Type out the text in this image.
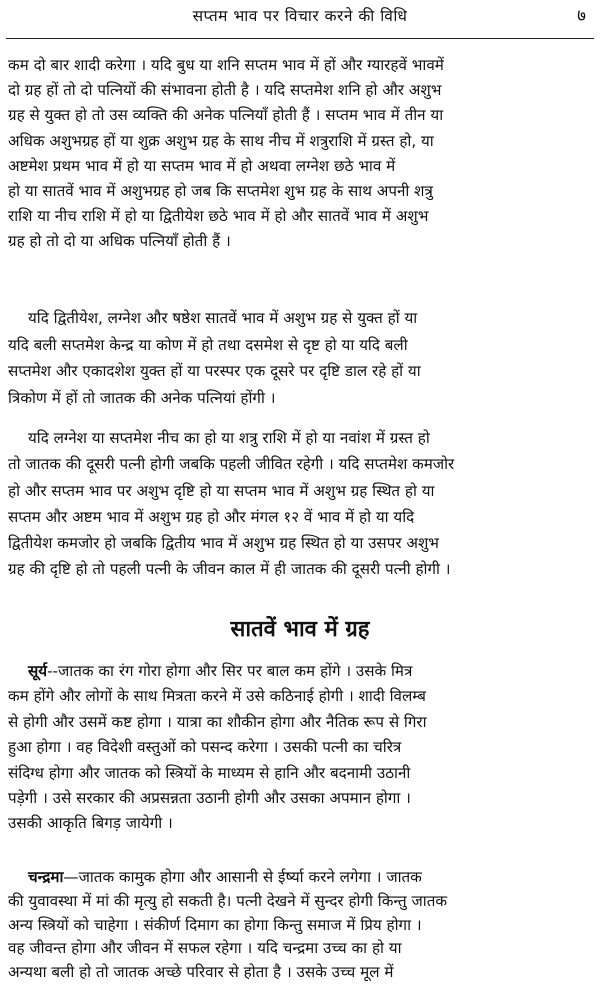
सप्तम भाव पर विचार करने की विधि	७

कम दो बार शादी करेगा । यदि बुध या शनि सप्तम भाव में हों और ग्यारहवें भावमें
दो ग्रह हों तो दो पत्नियों की संभावना होती है । यदि सप्तमेश शनि हो और अशुभ
ग्रह से युक्त हो तो उस व्यक्ति की अनेक पत्नियाँ होती हैं । सप्तम भाव में तीन या
अधिक अशुभग्रह हों या शुक्र अशुभ ग्रह के साथ नीच में शत्रुराशि में ग्रस्त हो, या
अष्टमेश प्रथम भाव में हो या सप्तम भाव में हो अथवा लग्नेश छठे भाव में
हो या सातवें भाव में अशुभग्रह हो जब कि सप्तमेश शुभ ग्रह के साथ अपनी शत्रु
राशि या नीच राशि में हो या द्वितीयेश छठे भाव में हो और सातवें भाव में अशुभ
ग्रह हो तो दो या अधिक पत्नियाँ होती हैं ।

यदि द्वितीयेश, लग्नेश और षष्ठेश सातवें भाव में अशुभ ग्रह से युक्त हों या
यदि बली सप्तमेश केन्द्र या कोण में हो तथा दसमेश से दृष्ट हो या यदि बली
सप्तमेश और एकादशेश युक्त हों या परस्पर एक दूसरे पर दृष्टि डाल रहे हों या
त्रिकोण में हों तो जातक की अनेक पत्नियां होंगी ।

यदि लग्नेश या सप्तमेश नीच का हो या शत्रु राशि में हो या नवांश में ग्रस्त हो
तो जातक की दूसरी पत्नी होगी जबकि पहली जीवित रहेगी । यदि सप्तमेश कमजोर
हो और सप्तम भाव पर अशुभ दृष्टि हो या सप्तम भाव में अशुभ ग्रह स्थित हो या
सप्तम और अष्टम भाव में अशुभ ग्रह हो और मंगल १२ वें भाव में हो या यदि
द्वितीयेश कमजोर हो जबकि द्वितीय भाव में अशुभ ग्रह स्थित हो या उसपर अशुभ
ग्रह की दृष्टि हो तो पहली पत्नी के जीवन काल में ही जातक की दूसरी पत्नी होगी ।

सातवें भाव में ग्रह

सूर्य--जातक का रंग गोरा होगा और सिर पर बाल कम होंगे । उसके मित्र
कम होंगे और लोगों के साथ मित्रता करने में उसे कठिनाई होगी । शादी विलम्ब
से होगी और उसमें कष्ट होगा । यात्रा का शौकीन होगा और नैतिक रूप से गिरा
हुआ होगा । वह विदेशी वस्तुओं को पसन्द करेगा । उसकी पत्नी का चरित्र
संदिग्ध होगा और जातक को स्त्रियों के माध्यम से हानि और बदनामी उठानी
पड़ेगी । उसे सरकार की अप्रसन्नता उठानी होगी और उसका अपमान होगा ।
उसकी आकृति बिगड़ जायेगी ।

चन्द्रमा—जातक कामुक होगा और आसानी से ईर्ष्या करने लगेगा । जातक
की युवावस्था में मां की मृत्यु हो सकती है। पत्नी देखने में सुन्दर होगी किन्तु जातक
अन्य स्त्रियों को चाहेगा । संकीर्ण दिमाग का होगा किन्तु समाज में प्रिय होगा ।
वह जीवन्त होगा और जीवन में सफल रहेगा । यदि चन्द्रमा उच्च का हो या
अन्यथा बली हो तो जातक अच्छे परिवार से होता है । उसके उच्च मूल में
